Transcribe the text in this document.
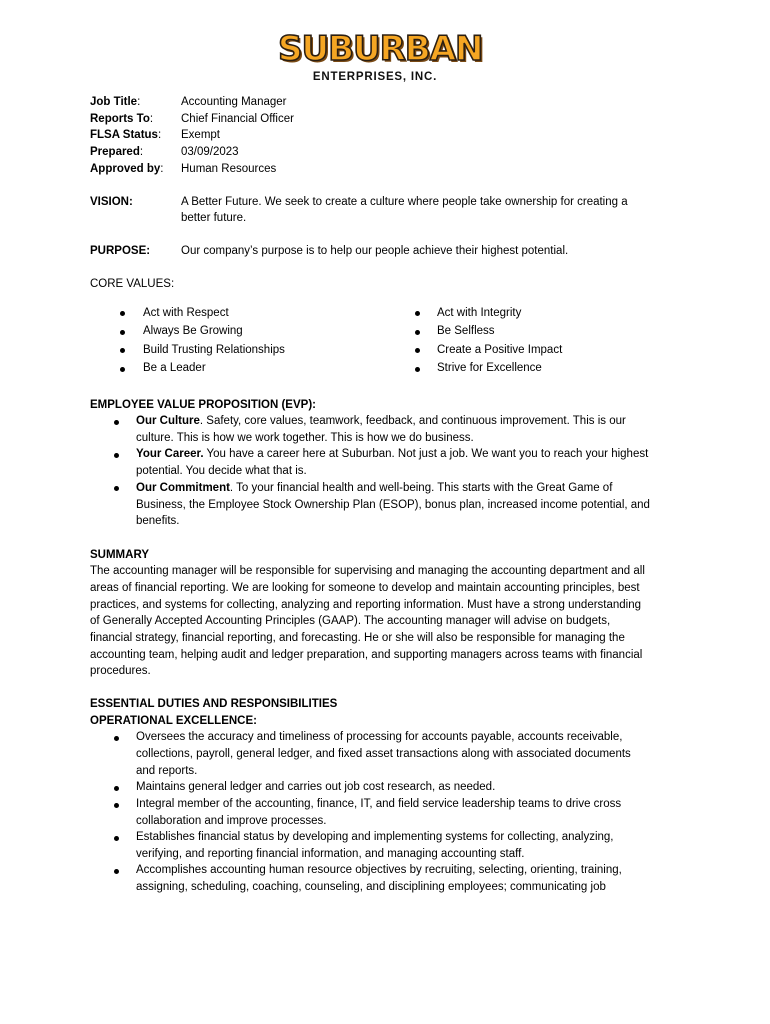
SUBURBAN
ENTERPRISES, INC.
Job Title:	Accounting Manager
Reports To: Chief Financial Officer
FLSA Status: Exempt
Prepared:	03/09/2023
Approved by: Human Resources
VISION:	A Better Future. We seek to create a culture where people take ownership for creating a
better future.
PURPOSE:	Our company’s purpose is to help our people achieve their highest potential.
CORE VALUES:
Act with Respect
Always Be Growing
Build Trusting Relationships
Be a Leader
Act with Integrity
Be Selfless
Create a Positive Impact
Strive for Excellence
EMPLOYEE VALUE PROPOSITION (EVP):
Our Culture. Safety, core values, teamwork, feedback, and continuous improvement. This is our
culture. This is how we work together. This is how we do business.
Your Career. You have a career here at Suburban. Not just a job. We want you to reach your highest
potential. You decide what that is.
Our Commitment. To your financial health and well-being. This starts with the Great Game of
Business, the Employee Stock Ownership Plan (ESOP), bonus plan, increased income potential, and
benefits.
SUMMARY
The accounting manager will be responsible for supervising and managing the accounting department and all
areas of financial reporting. We are looking for someone to develop and maintain accounting principles, best
practices, and systems for collecting, analyzing and reporting information. Must have a strong understanding
of Generally Accepted Accounting Principles (GAAP). The accounting manager will advise on budgets,
financial strategy, financial reporting, and forecasting. He or she will also be responsible for managing the
accounting team, helping audit and ledger preparation, and supporting managers across teams with financial
procedures.
ESSENTIAL DUTIES AND RESPONSIBILITIES
OPERATIONAL EXCELLENCE:
Oversees the accuracy and timeliness of processing for accounts payable, accounts receivable,
collections, payroll, general ledger, and fixed asset transactions along with associated documents
and reports.
Maintains general ledger and carries out job cost research, as needed.
Integral member of the accounting, finance, IT, and field service leadership teams to drive cross
collaboration and improve processes.
Establishes financial status by developing and implementing systems for collecting, analyzing,
verifying, and reporting financial information, and managing accounting staff.
Accomplishes accounting human resource objectives by recruiting, selecting, orienting, training,
assigning, scheduling, coaching, counseling, and disciplining employees; communicating job
